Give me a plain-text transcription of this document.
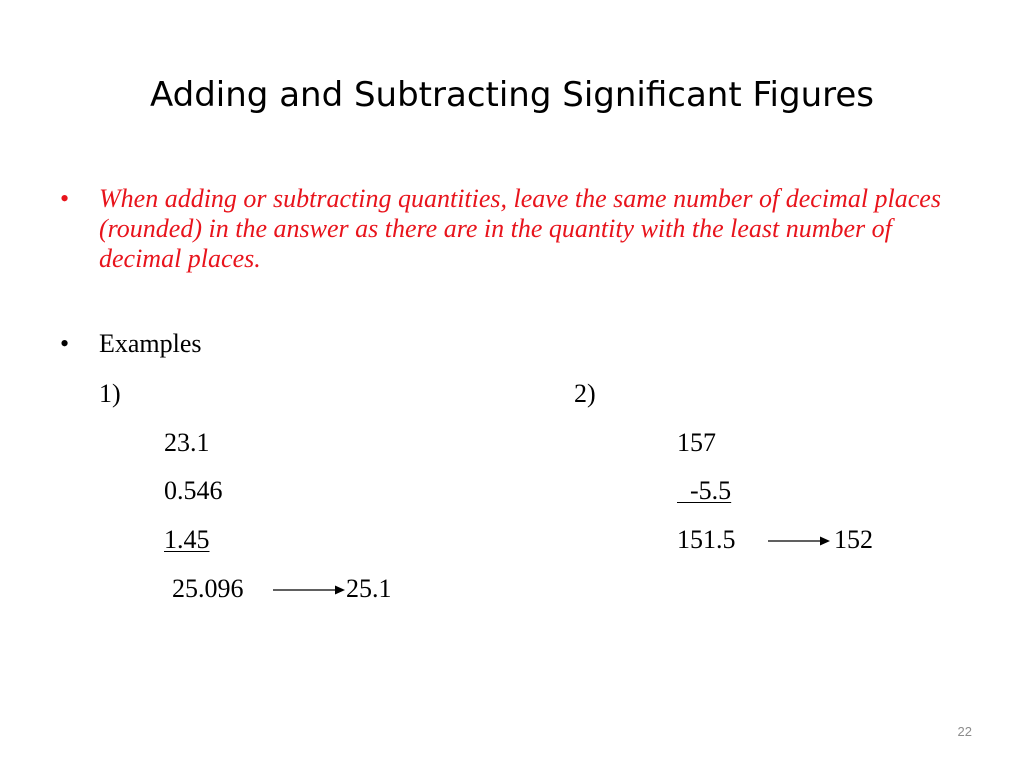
Adding and Subtracting Significant Figures
• When adding or subtracting quantities, leave the same number of decimal places (rounded) in the answer as there are in the quantity with the least number of decimal places.
• Examples
1)
23.1
0.546
1.45
25.096	25.1
2)
157
-5.5
151.5	152
22
